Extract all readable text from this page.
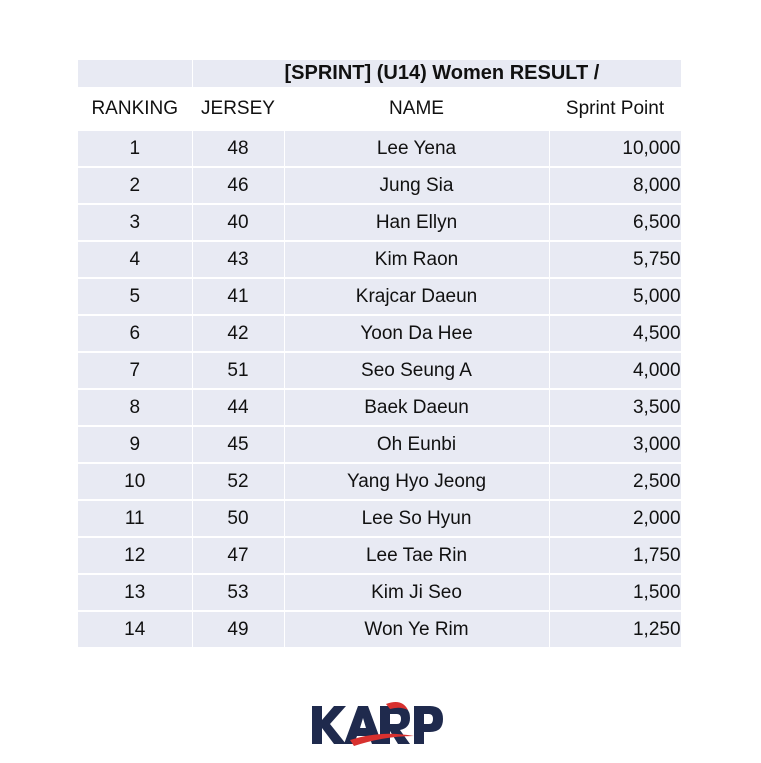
	[SPRINT] (U14) Women RESULT /		
RANKING	JERSEY	NAME	Sprint Point
1	48	Lee Yena	10,000
2	46	Jung Sia	8,000
3	40	Han Ellyn	6,500
4	43	Kim Raon	5,750
5	41	Krajcar Daeun	5,000
6	42	Yoon Da Hee	4,500
7	51	Seo Seung A	4,000
8	44	Baek Daeun	3,500
9	45	Oh Eunbi	3,000
10	52	Yang Hyo Jeong	2,500
11	50	Lee So Hyun	2,000
12	47	Lee Tae Rin	1,750
13	53	Kim Ji Seo	1,500
14	49	Won Ye Rim	1,250
